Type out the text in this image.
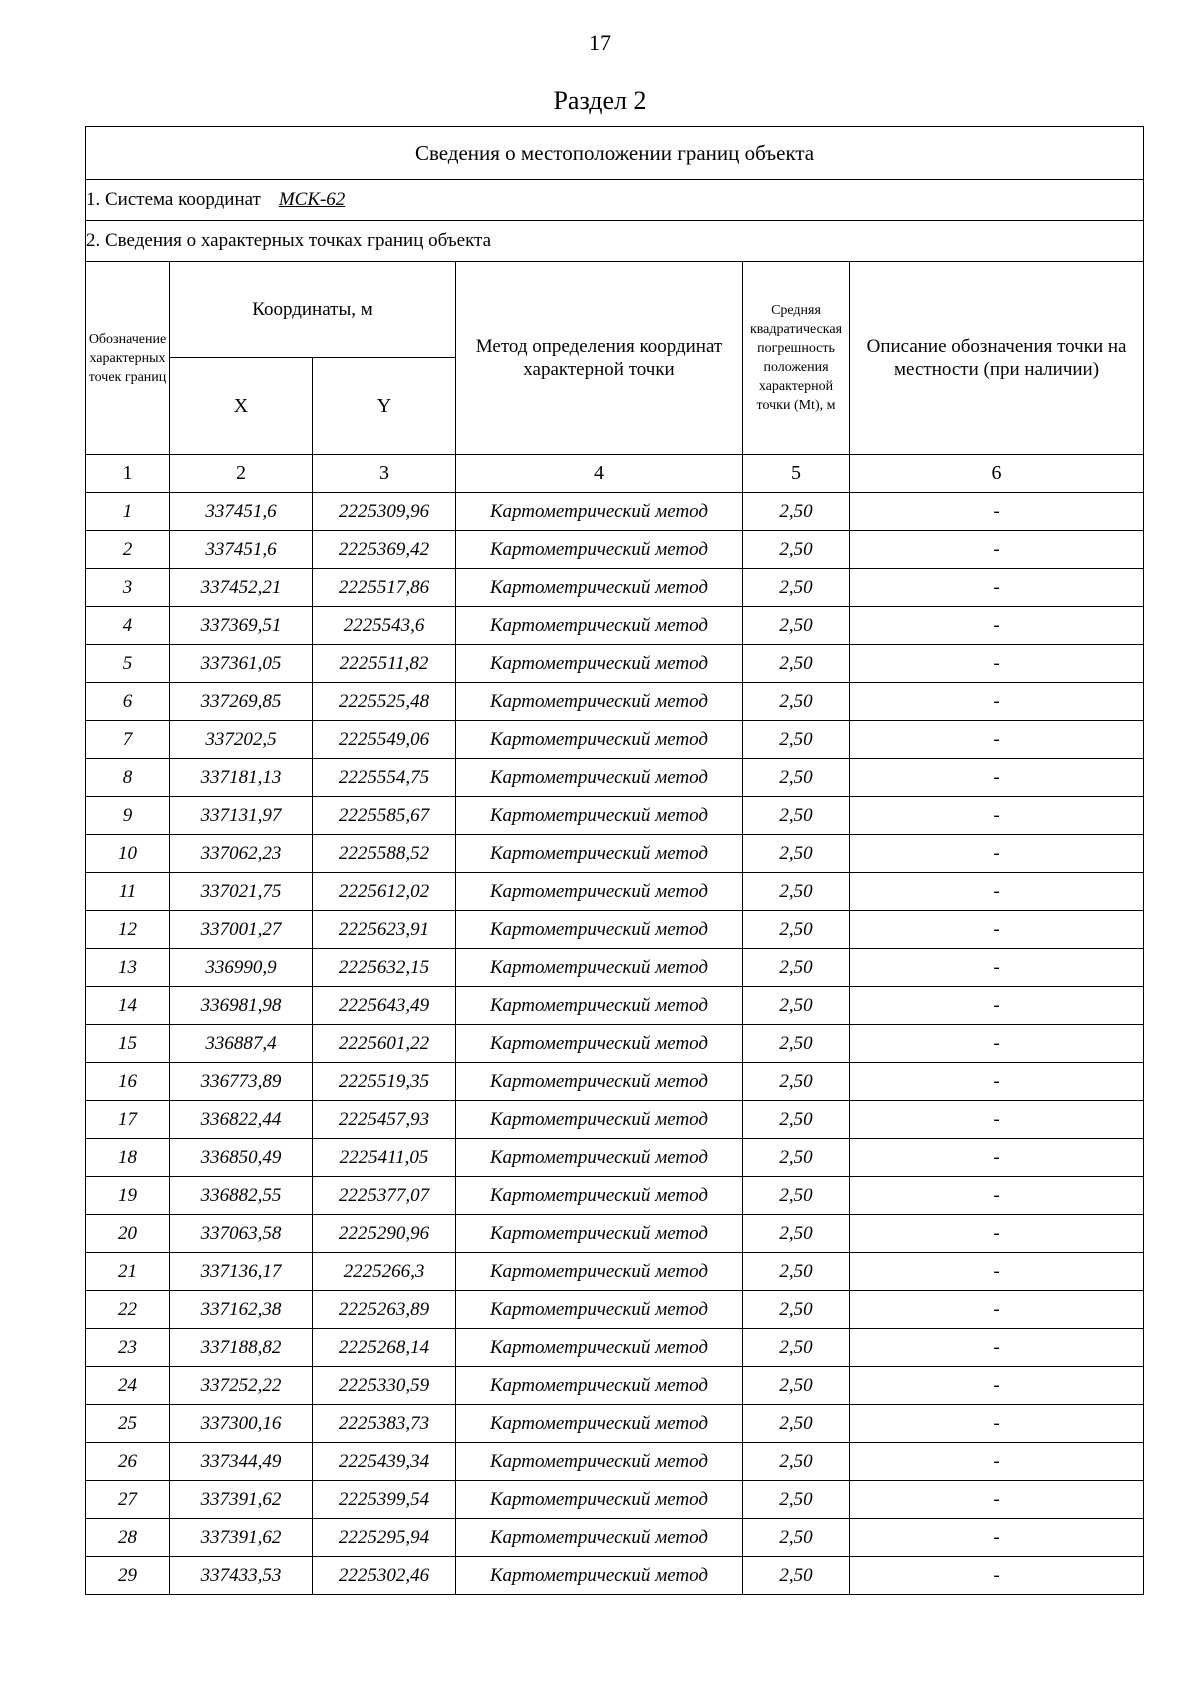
17
Раздел 2
Сведения о местоположении границ объекта					
1. Система координат МСК-62					
2. Сведения о характерных точках границ объекта					
Обозначение характерных точек границ	Координаты, м		Метод определения координат характерной точки	Средняя квадратическая погрешность положения характерной точки (Mt), м	Описание обозначения точки на местности (при наличии)
	X	Y			
1	2	3	4	5	6
1	337451,6	2225309,96	Картометрический метод	2,50	-
2	337451,6	2225369,42	Картометрический метод	2,50	-
3	337452,21	2225517,86	Картометрический метод	2,50	-
4	337369,51	2225543,6	Картометрический метод	2,50	-
5	337361,05	2225511,82	Картометрический метод	2,50	-
6	337269,85	2225525,48	Картометрический метод	2,50	-
7	337202,5	2225549,06	Картометрический метод	2,50	-
8	337181,13	2225554,75	Картометрический метод	2,50	-
9	337131,97	2225585,67	Картометрический метод	2,50	-
10	337062,23	2225588,52	Картометрический метод	2,50	-
11	337021,75	2225612,02	Картометрический метод	2,50	-
12	337001,27	2225623,91	Картометрический метод	2,50	-
13	336990,9	2225632,15	Картометрический метод	2,50	-
14	336981,98	2225643,49	Картометрический метод	2,50	-
15	336887,4	2225601,22	Картометрический метод	2,50	-
16	336773,89	2225519,35	Картометрический метод	2,50	-
17	336822,44	2225457,93	Картометрический метод	2,50	-
18	336850,49	2225411,05	Картометрический метод	2,50	-
19	336882,55	2225377,07	Картометрический метод	2,50	-
20	337063,58	2225290,96	Картометрический метод	2,50	-
21	337136,17	2225266,3	Картометрический метод	2,50	-
22	337162,38	2225263,89	Картометрический метод	2,50	-
23	337188,82	2225268,14	Картометрический метод	2,50	-
24	337252,22	2225330,59	Картометрический метод	2,50	-
25	337300,16	2225383,73	Картометрический метод	2,50	-
26	337344,49	2225439,34	Картометрический метод	2,50	-
27	337391,62	2225399,54	Картометрический метод	2,50	-
28	337391,62	2225295,94	Картометрический метод	2,50	-
29	337433,53	2225302,46	Картометрический метод	2,50	-
